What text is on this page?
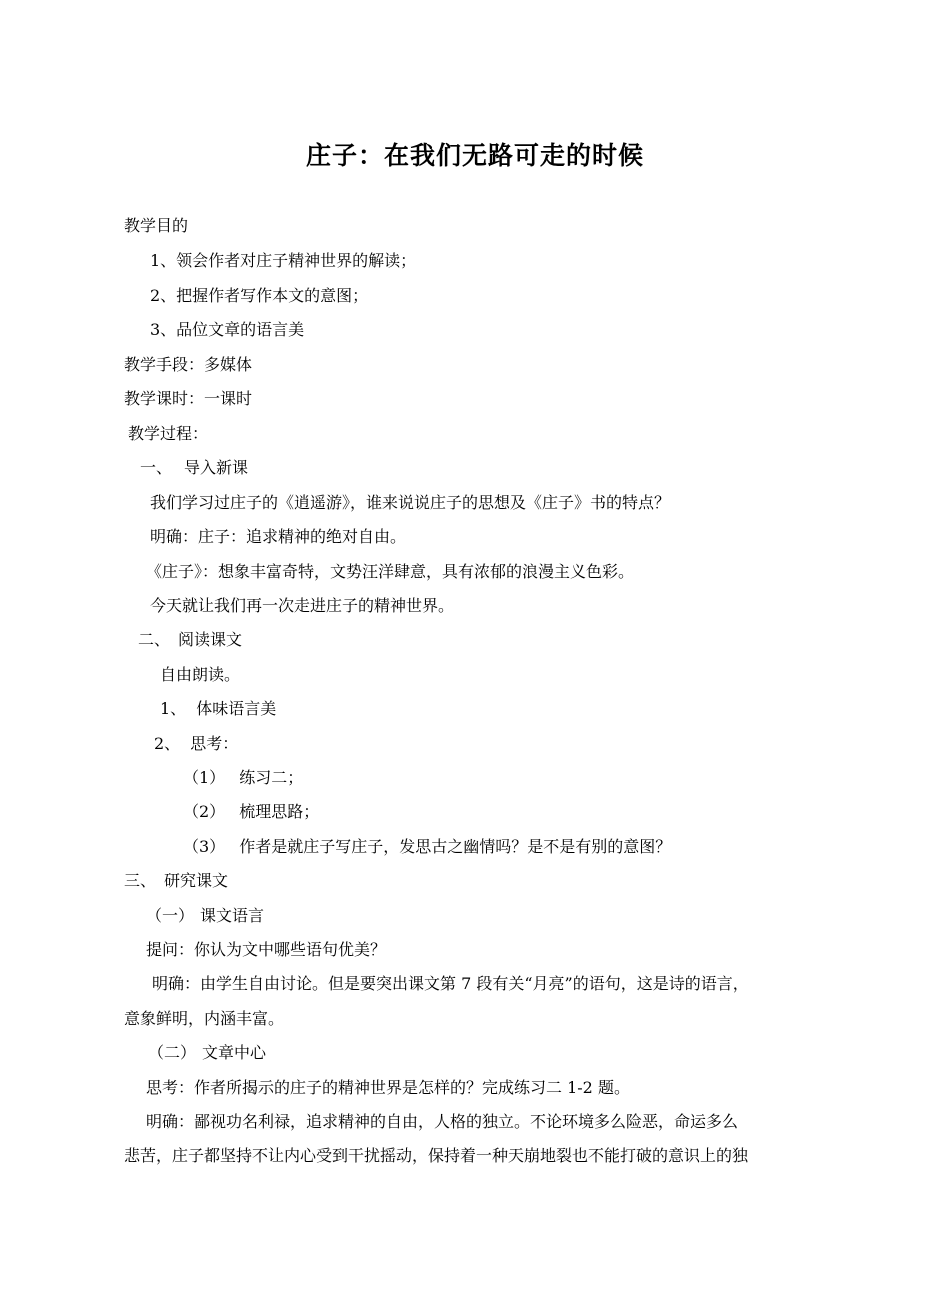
庄子：在我们无路可走的时候
教学目的
1、领会作者对庄子精神世界的解读；
2、把握作者写作本文的意图；
3、品位文章的语言美
教学手段：多媒体
教学课时：一课时
教学过程：
一、 导入新课
我们学习过庄子的《逍遥游》，谁来说说庄子的思想及《庄子》书的特点？
明确：庄子：追求精神的绝对自由。
《庄子》：想象丰富奇特，文势汪洋肆意，具有浓郁的浪漫主义色彩。
今天就让我们再一次走进庄子的精神世界。
二、 阅读课文
自由朗读。
1、 体味语言美
2、 思考：
（1） 练习二；
（2） 梳理思路；
（3） 作者是就庄子写庄子，发思古之幽情吗？是不是有别的意图？
三、 研究课文
（一） 课文语言
提问：你认为文中哪些语句优美？
明确：由学生自由讨论。但是要突出课文第 7 段有关“月亮”的语句，这是诗的语言，
意象鲜明，内涵丰富。
（二） 文章中心
思考：作者所揭示的庄子的精神世界是怎样的？完成练习二 1-2 题。
明确：鄙视功名利禄，追求精神的自由，人格的独立。不论环境多么险恶，命运多么
悲苦，庄子都坚持不让内心受到干扰摇动，保持着一种天崩地裂也不能打破的意识上的独
